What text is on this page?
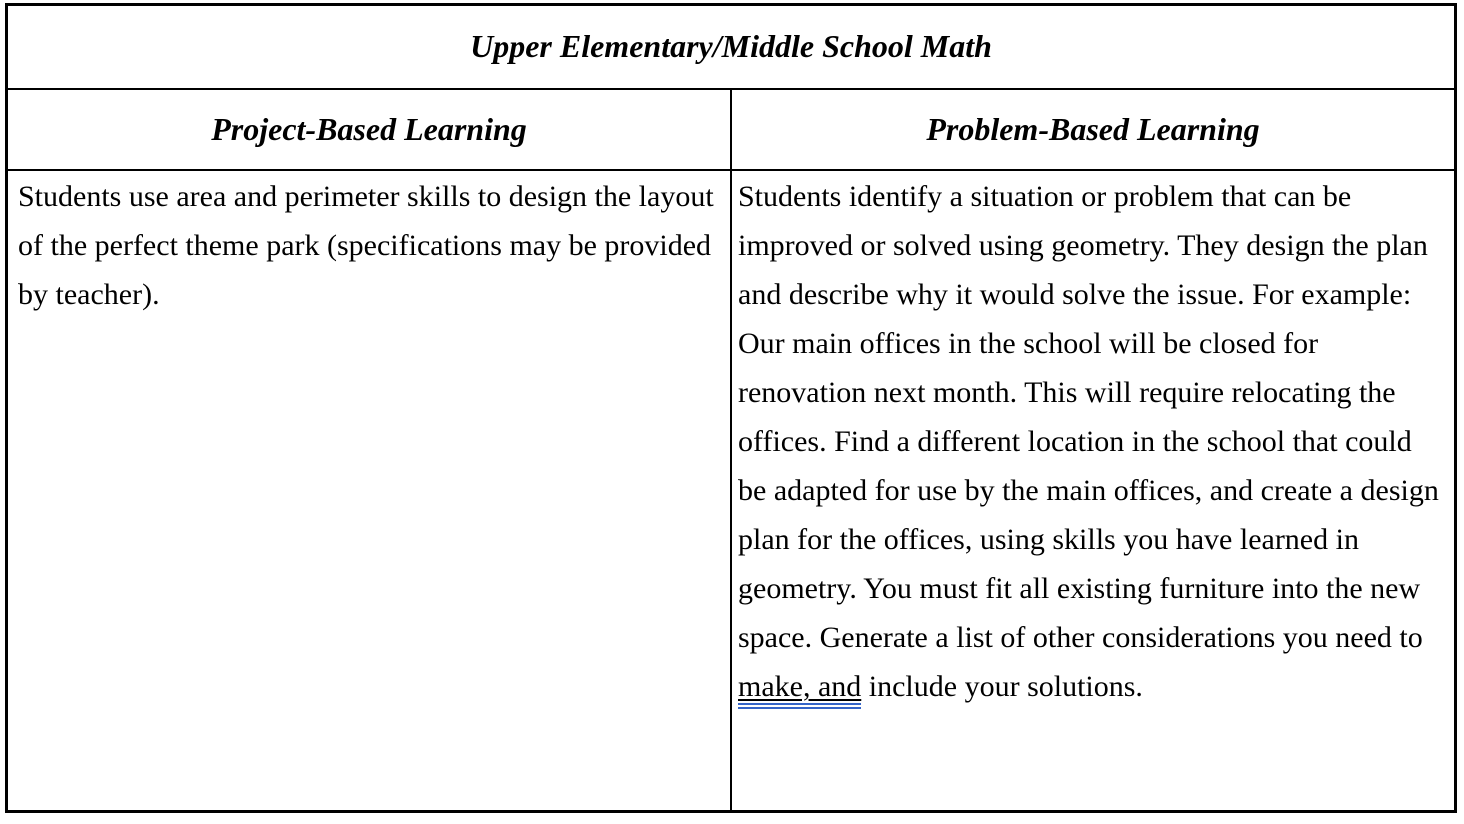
Upper Elementary/Middle School Math	
Project-Based Learning	Problem-Based Learning
Students use area and perimeter skills to design the layout of the perfect theme park (specifications may be provided by teacher).	Students identify a situation or problem that can be improved or solved using geometry. They design the plan and describe why it would solve the issue. For example: Our main offices in the school will be closed for renovation next month. This will require relocating the offices. Find a different location in the school that could be adapted for use by the main offices, and create a design plan for the offices, using skills you have learned in geometry. You must fit all existing furniture into the new space. Generate a list of other considerations you need to make, and include your solutions.
